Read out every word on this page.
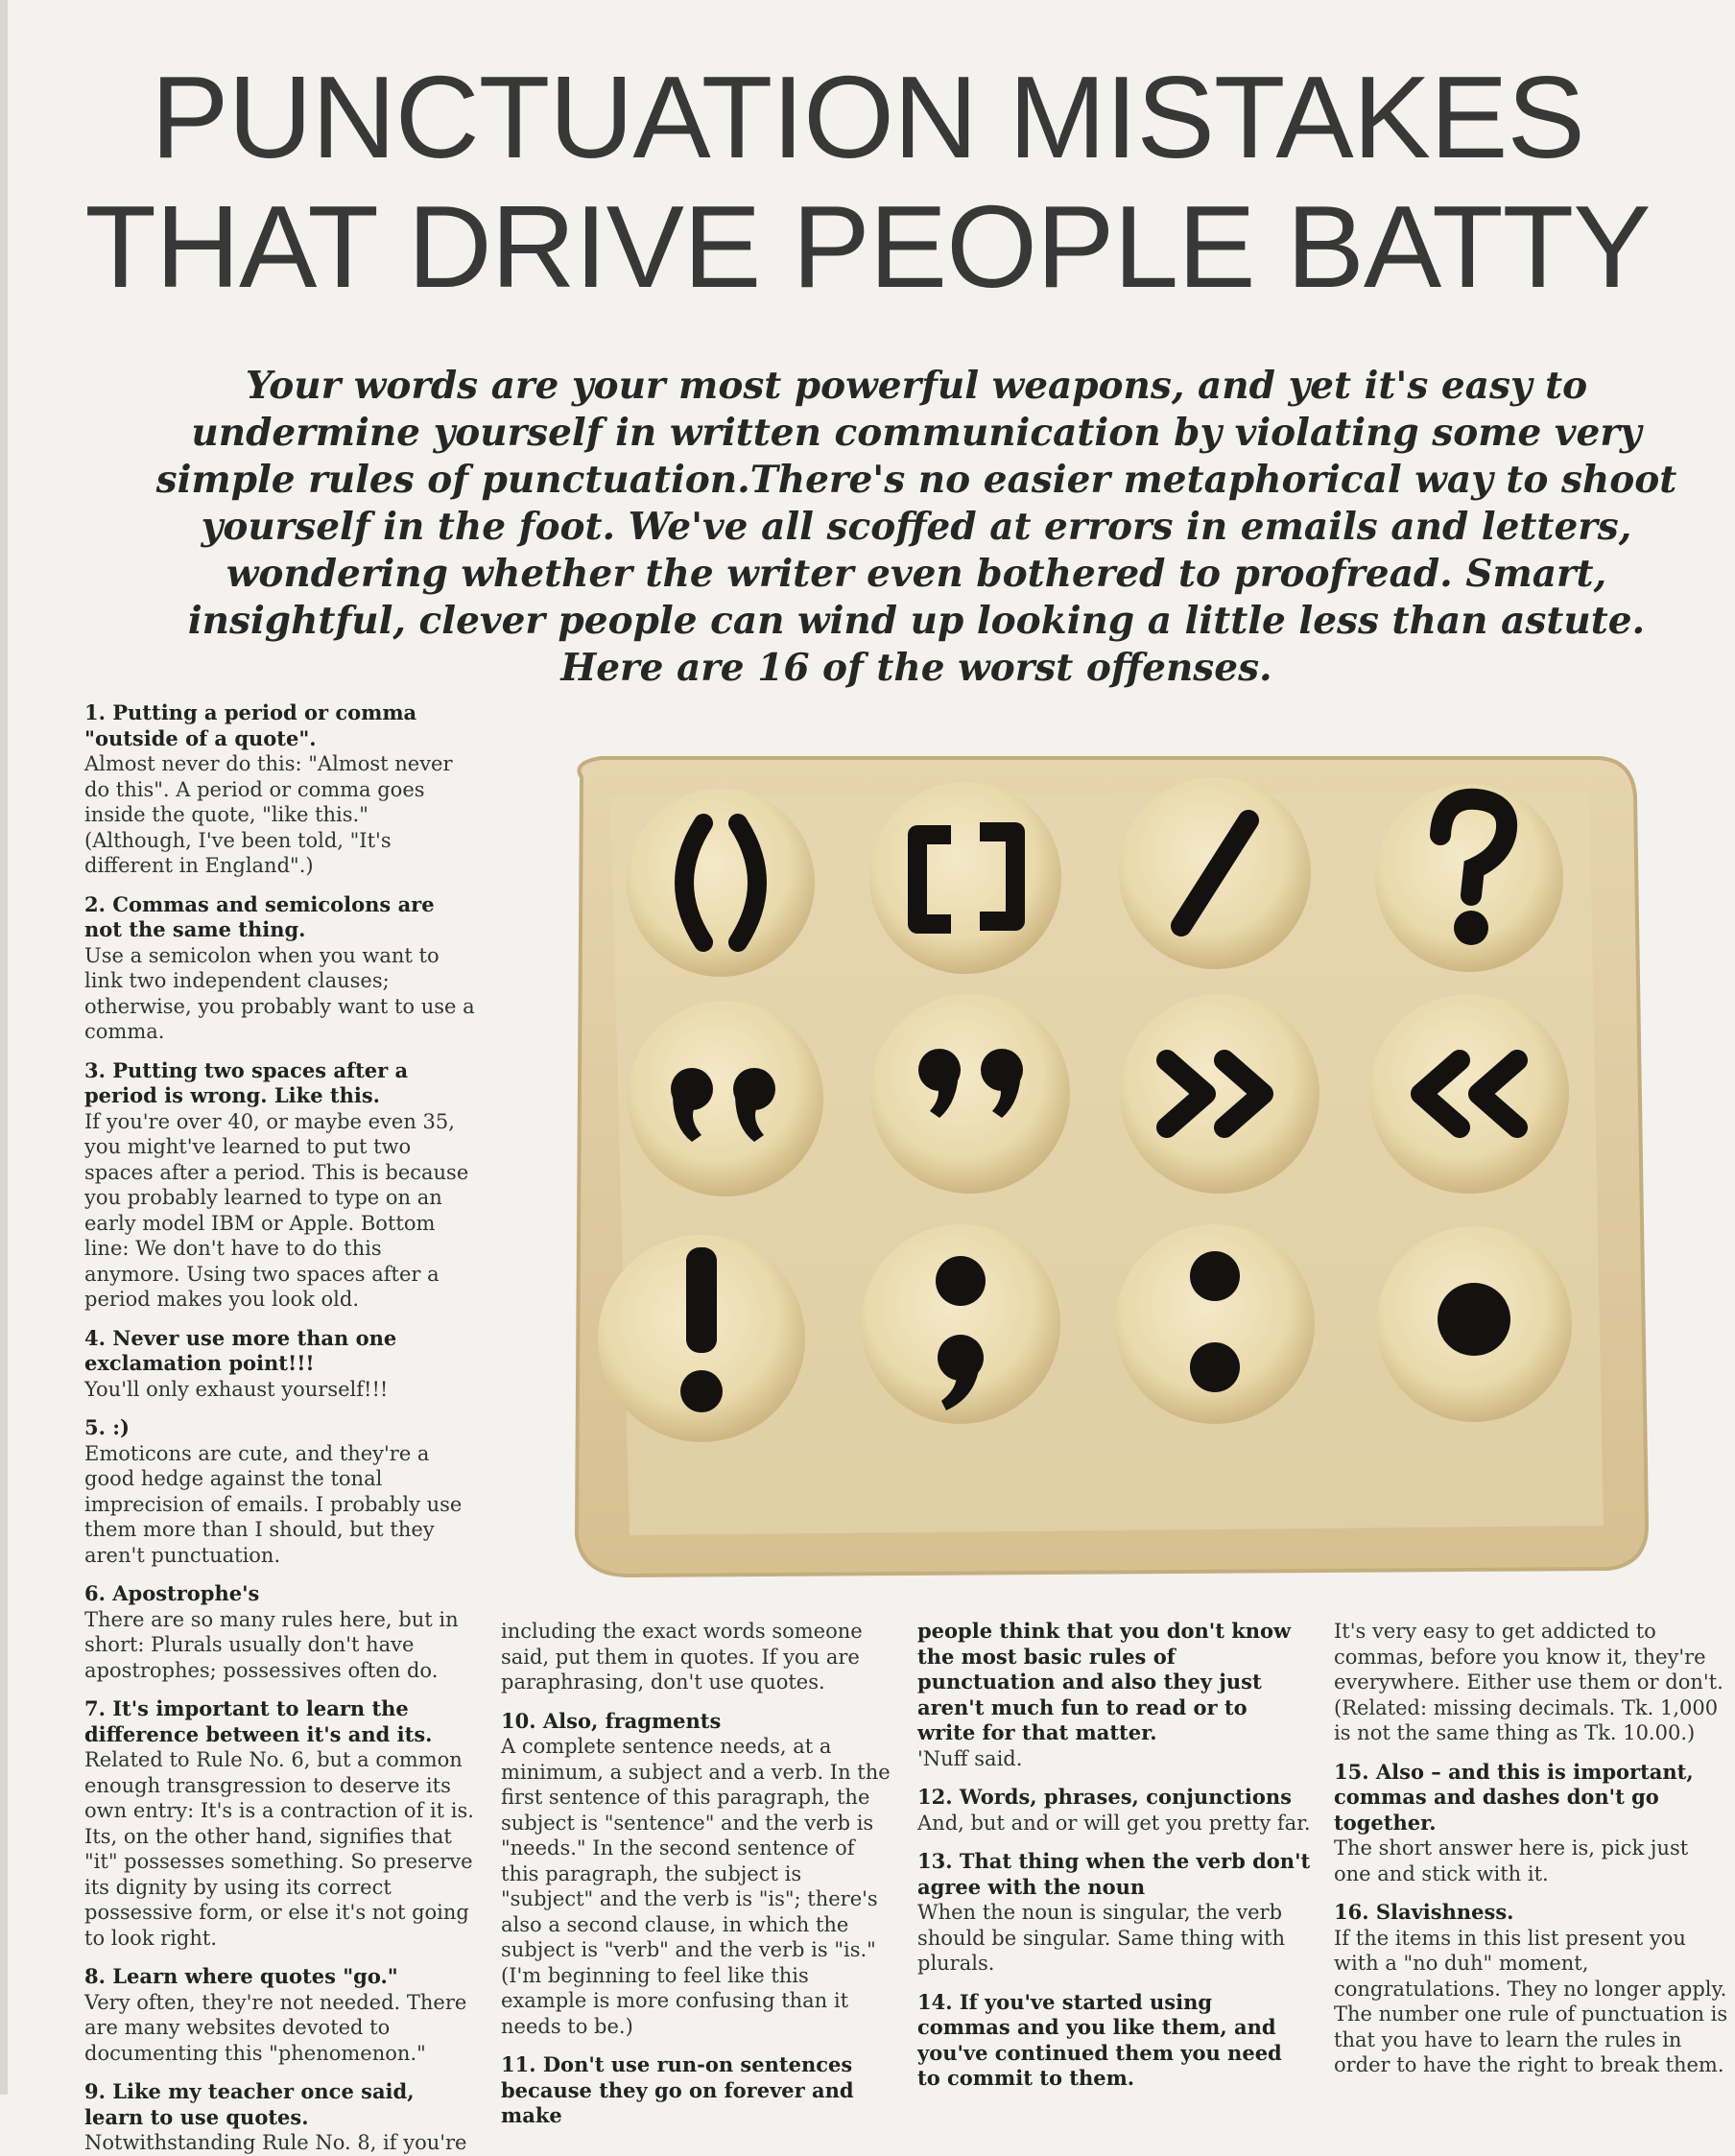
PUNCTUATION MISTAKES
THAT DRIVE PEOPLE BATTY
Your words are your most powerful weapons, and yet it's easy to undermine yourself in written communication by violating some very simple rules of punctuation.There's no easier metaphorical way to shoot yourself in the foot. We've all scoffed at errors in emails and letters, wondering whether the writer even bothered to proofread. Smart, insightful, clever people can wind up looking a little less than astute. Here are 16 of the worst offenses.
1. Putting a period or comma "outside of a quote".
Almost never do this: "Almost never do this". A period or comma goes inside the quote, "like this." (Although, I've been told, "It's different in England".)
2. Commas and semicolons are not the same thing.
Use a semicolon when you want to link two independent clauses; otherwise, you probably want to use a comma.
3. Putting two spaces after a period is wrong. Like this.
If you're over 40, or maybe even 35, you might've learned to put two spaces after a period. This is because you probably learned to type on an early model IBM or Apple. Bottom line: We don't have to do this anymore. Using two spaces after a period makes you look old.
4. Never use more than one exclamation point!!!
You'll only exhaust yourself!!!
5. :)
Emoticons are cute, and they're a good hedge against the tonal imprecision of emails. I probably use them more than I should, but they aren't punctuation.
6. Apostrophe's
There are so many rules here, but in short: Plurals usually don't have apostrophes; possessives often do.
7. It's important to learn the difference between it's and its.
Related to Rule No. 6, but a common enough transgression to deserve its own entry: It's is a contraction of it is. Its, on the other hand, signifies that "it" possesses something. So preserve its dignity by using its correct possessive form, or else it's not going to look right.
8. Learn where quotes "go."
Very often, they're not needed. There are many websites devoted to documenting this "phenomenon."
9. Like my teacher once said, learn to use quotes.
Notwithstanding Rule No. 8, if you're
including the exact words someone said, put them in quotes. If you are paraphrasing, don't use quotes.
10. Also, fragments
A complete sentence needs, at a minimum, a subject and a verb. In the first sentence of this paragraph, the subject is "sentence" and the verb is "needs." In the second sentence of this paragraph, the subject is "subject" and the verb is "is"; there's also a second clause, in which the subject is "verb" and the verb is "is." (I'm beginning to feel like this example is more confusing than it needs to be.)
11. Don't use run-on sentences because they go on forever and make
people think that you don't know the most basic rules of punctuation and also they just aren't much fun to read or to write for that matter.
'Nuff said.
12. Words, phrases, conjunctions
And, but and or will get you pretty far.
13. That thing when the verb don't agree with the noun
When the noun is singular, the verb should be singular. Same thing with plurals.
14. If you've started using commas and you like them, and you've continued them you need to commit to them.
It's very easy to get addicted to commas, before you know it, they're everywhere. Either use them or don't. (Related: missing decimals. Tk. 1,000 is not the same thing as Tk. 10.00.)
15. Also – and this is important, commas and dashes don't go together.
The short answer here is, pick just one and stick with it.
16. Slavishness.
If the items in this list present you with a "no duh" moment, congratulations. They no longer apply. The number one rule of punctuation is that you have to learn the rules in order to have the right to break them.
